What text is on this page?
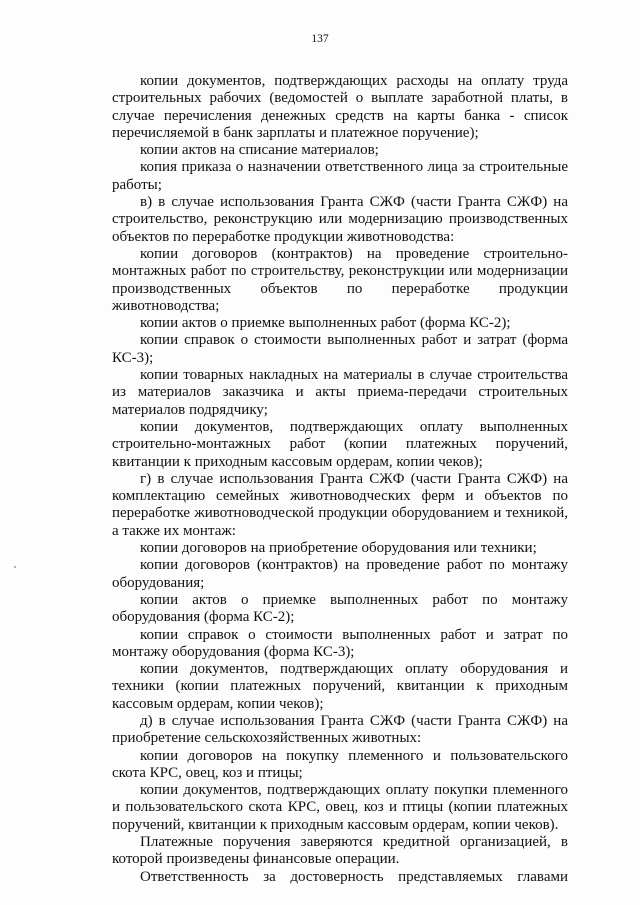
137

копии документов, подтверждающих расходы на оплату труда строительных рабочих (ведомостей о выплате заработной платы, в случае перечисления денежных средств на карты банка - список перечисляемой в банк зарплаты и платежное поручение);

копии актов на списание материалов;

копия приказа о назначении ответственного лица за строительные работы;

в) в случае использования Гранта СЖФ (части Гранта СЖФ) на строительство, реконструкцию или модернизацию производственных объектов по переработке продукции животноводства:

копии договоров (контрактов) на проведение строительно-монтажных работ по строительству, реконструкции или модернизации производственных объектов по переработке продукции животноводства;

копии актов о приемке выполненных работ (форма КС-2);

копии справок о стоимости выполненных работ и затрат (форма КС-3);

копии товарных накладных на материалы в случае строительства из материалов заказчика и акты приема-передачи строительных материалов подрядчику;

копии документов, подтверждающих оплату выполненных строительно-монтажных работ (копии платежных поручений, квитанции к приходным кассовым ордерам, копии чеков);

г) в случае использования Гранта СЖФ (части Гранта СЖФ) на комплектацию семейных животноводческих ферм и объектов по переработке животноводческой продукции оборудованием и техникой, а также их монтаж:

копии договоров на приобретение оборудования или техники;

копии договоров (контрактов) на проведение работ по монтажу оборудования;

копии актов о приемке выполненных работ по монтажу оборудования (форма КС-2);

копии справок о стоимости выполненных работ и затрат по монтажу оборудования (форма КС-3);

копии документов, подтверждающих оплату оборудования и техники (копии платежных поручений, квитанции к приходным кассовым ордерам, копии чеков);

д) в случае использования Гранта СЖФ (части Гранта СЖФ) на приобретение сельскохозяйственных животных:

копии договоров на покупку племенного и пользовательского скота КРС, овец, коз и птицы;

копии документов, подтверждающих оплату покупки племенного и пользовательского скота КРС, овец, коз и птицы (копии платежных поручений, квитанции к приходным кассовым ордерам, копии чеков).

Платежные поручения заверяются кредитной организацией, в которой произведены финансовые операции.

Ответственность за достоверность представляемых главами
